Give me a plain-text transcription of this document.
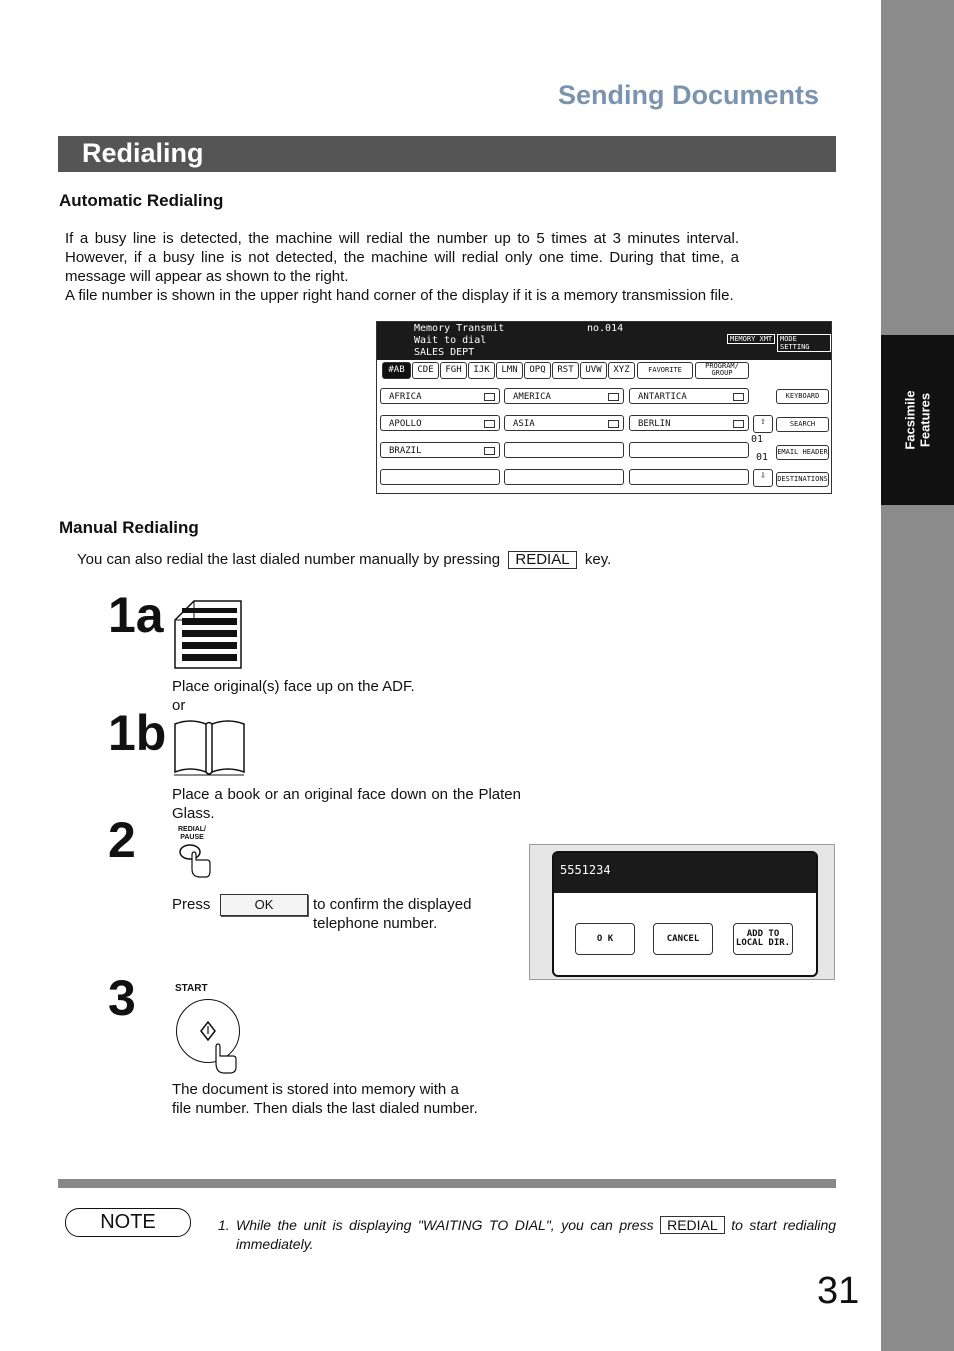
Facsimile
Features
Sending Documents
Redialing
Automatic Redialing
If a busy line is detected, the machine will redial the number up to 5 times at 3 minutes interval. However, if a busy line is not detected, the machine will redial only one time. During that time, a message will appear as shown to the right.
A file number is shown in the upper right hand corner of the display if it is a memory transmission file.
Memory Transmit	no.014
Wait to dial
SALES DEPT
MEMORY XMT	MODE SETTING
#AB	CDE	FGH	IJK	LMN	OPQ	RST	UVW	XYZ	FAVORITE	PROGRAM/ GROUP
AFRICA	AMERICA	ANTARTICA
APOLLO	ASIA	BERLIN
BRAZIL
⇧
01
01
⇩
KEYBOARD
SEARCH
EMAIL HEADER
DESTINATIONS
Manual Redialing
You can also redial the last dialed number manually by pressing REDIAL key.
1a
Place original(s) face up on the ADF.
or
1b
Place a book or an original face down on the Platen Glass.
2	REDIAL/ PAUSE
Press	OK	to confirm the displayed telephone number.
5551234
O K	CANCEL	ADD TO LOCAL DIR.
3	START
The document is stored into memory with a file number. Then dials the last dialed number.
NOTE	1. While the unit is displaying "WAITING TO DIAL", you can press REDIAL to start redialing immediately.
31
